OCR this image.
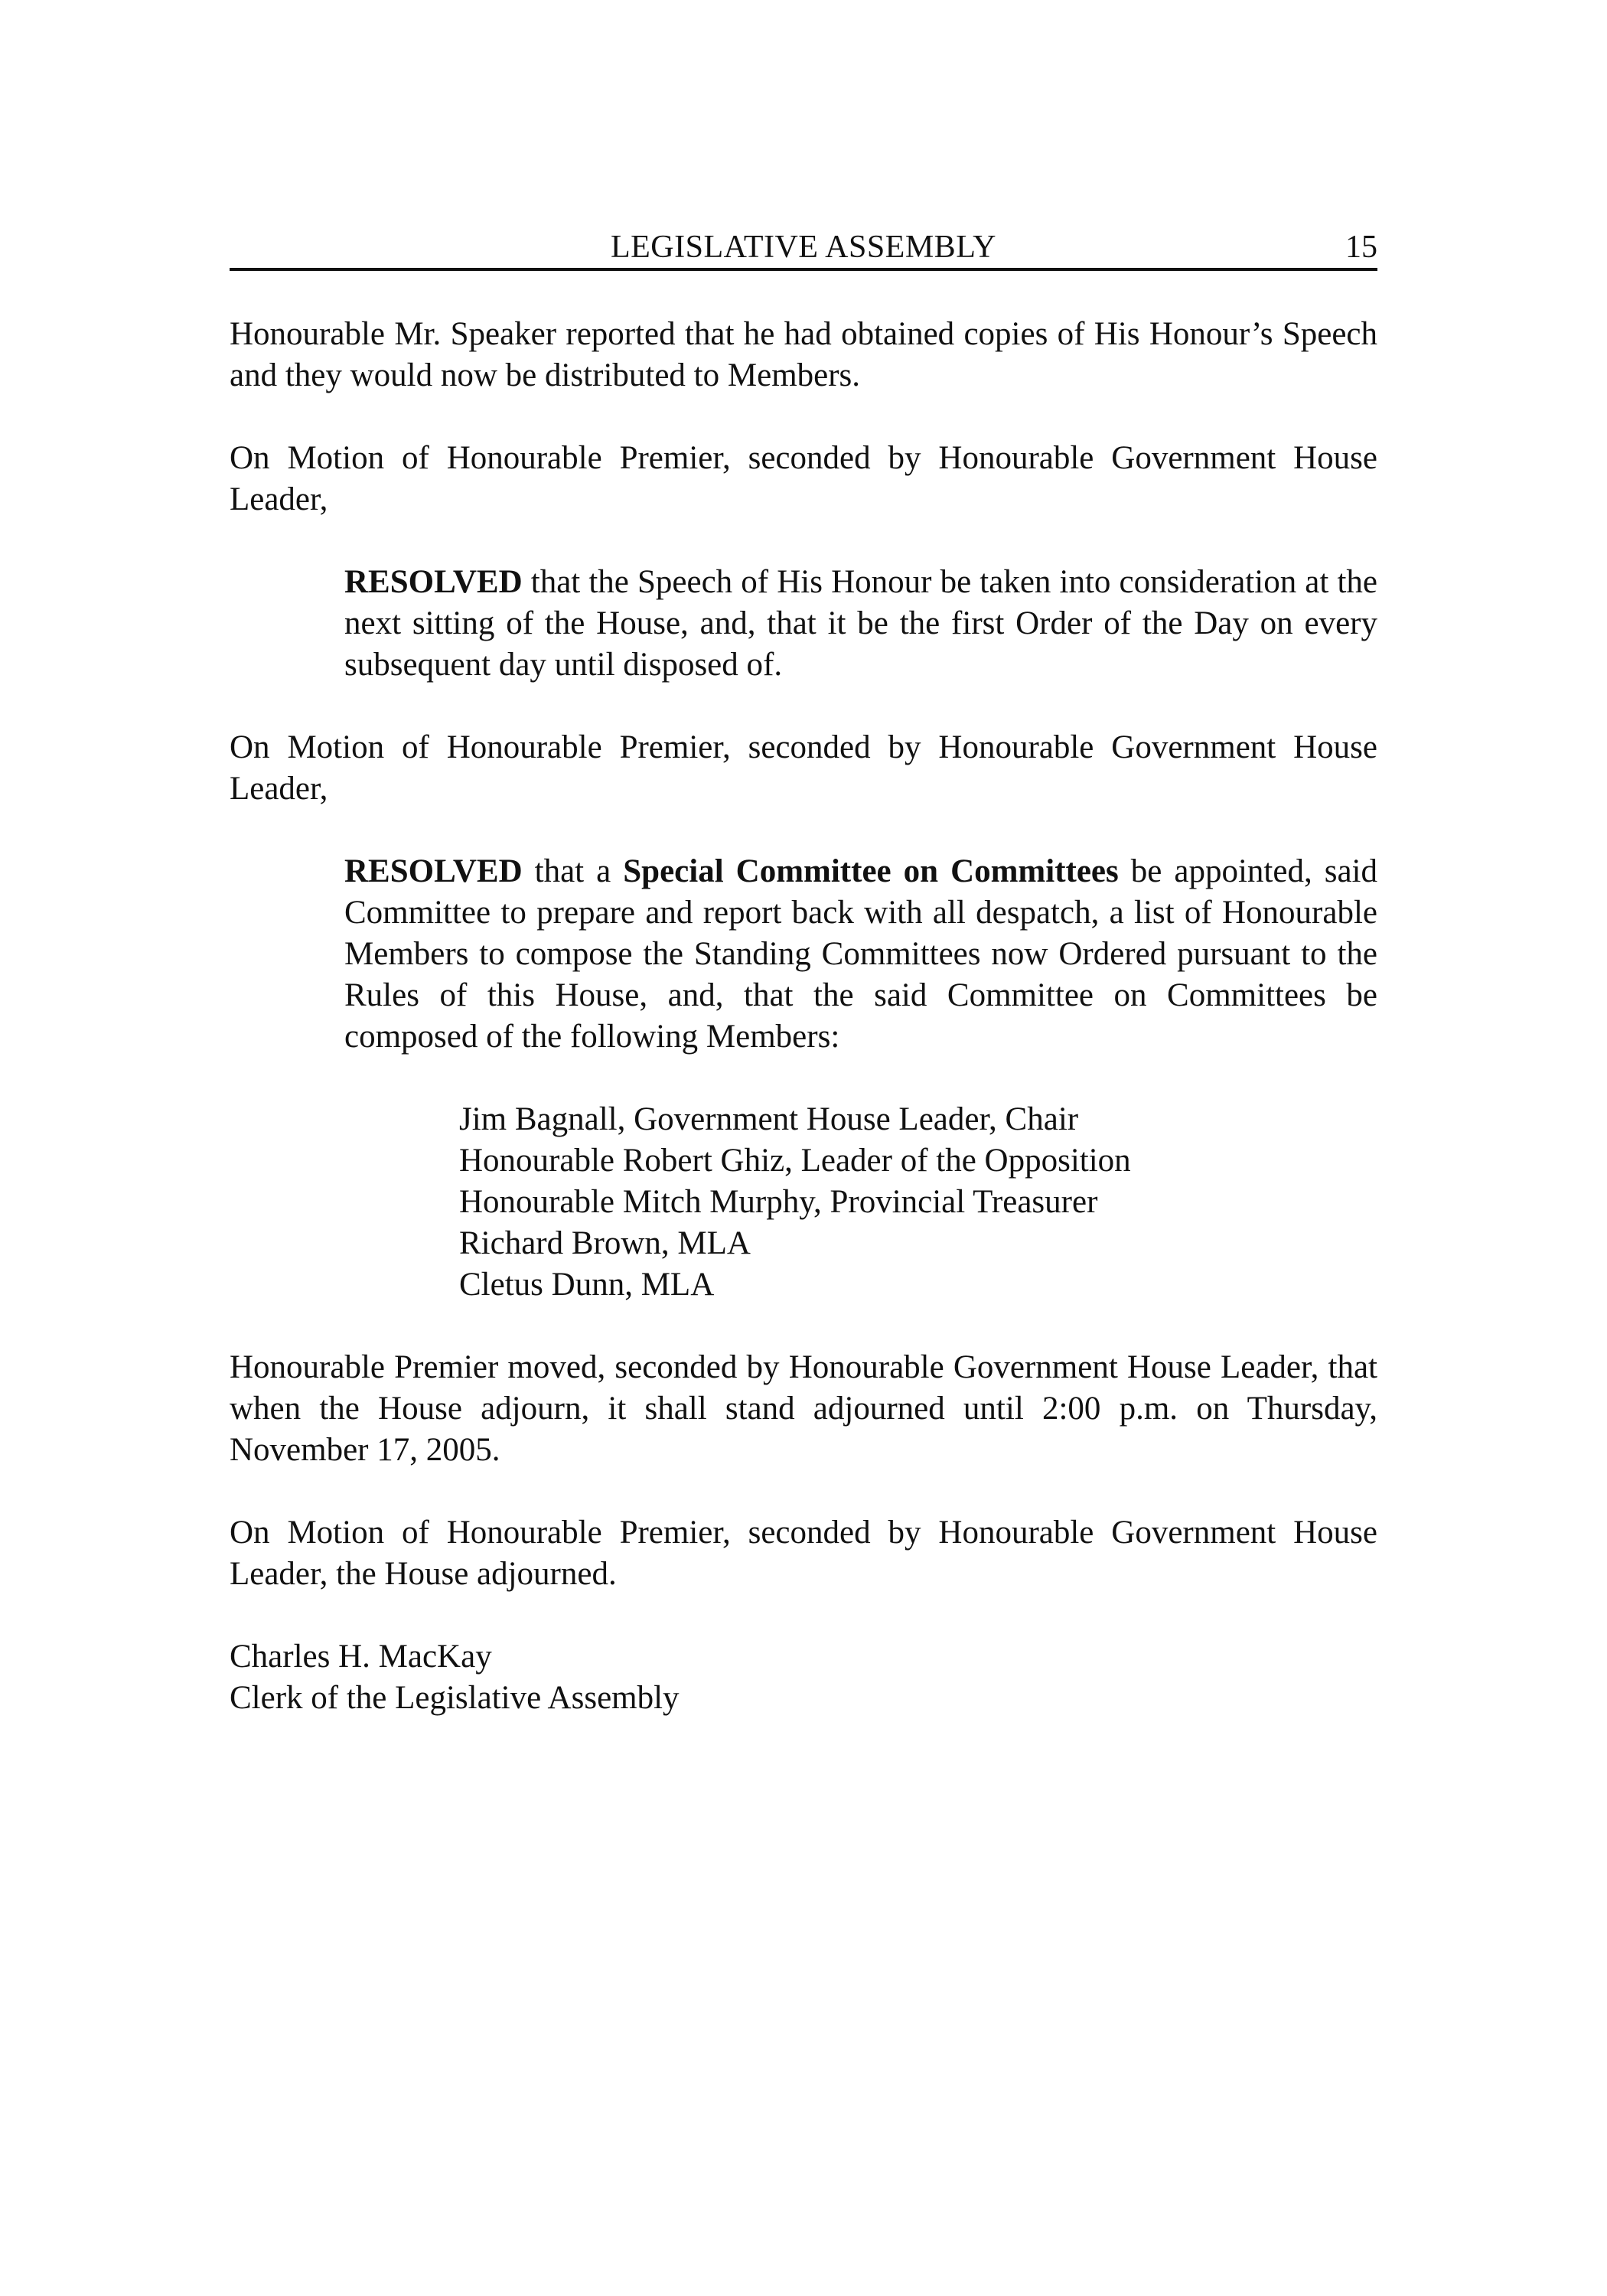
LEGISLATIVE ASSEMBLY	15

Honourable Mr. Speaker reported that he had obtained copies of His Honour’s Speech and they would now be distributed to Members.

On Motion of Honourable Premier, seconded by Honourable Government House Leader,

RESOLVED that the Speech of His Honour be taken into consideration at the next sitting of the House, and, that it be the first Order of the Day on every subsequent day until disposed of.

On Motion of Honourable Premier, seconded by Honourable Government House Leader,

RESOLVED that a Special Committee on Committees be appointed, said Committee to prepare and report back with all despatch, a list of Honourable Members to compose the Standing Committees now Ordered pursuant to the Rules of this House, and, that the said Committee on Committees be composed of the following Members:

Jim Bagnall, Government House Leader, Chair
Honourable Robert Ghiz, Leader of the Opposition
Honourable Mitch Murphy, Provincial Treasurer
Richard Brown, MLA
Cletus Dunn, MLA

Honourable Premier moved, seconded by Honourable Government House Leader, that when the House adjourn, it shall stand adjourned until 2:00 p.m. on Thursday, November 17, 2005.

On Motion of Honourable Premier, seconded by Honourable Government House Leader, the House adjourned.

Charles H. MacKay
Clerk of the Legislative Assembly
